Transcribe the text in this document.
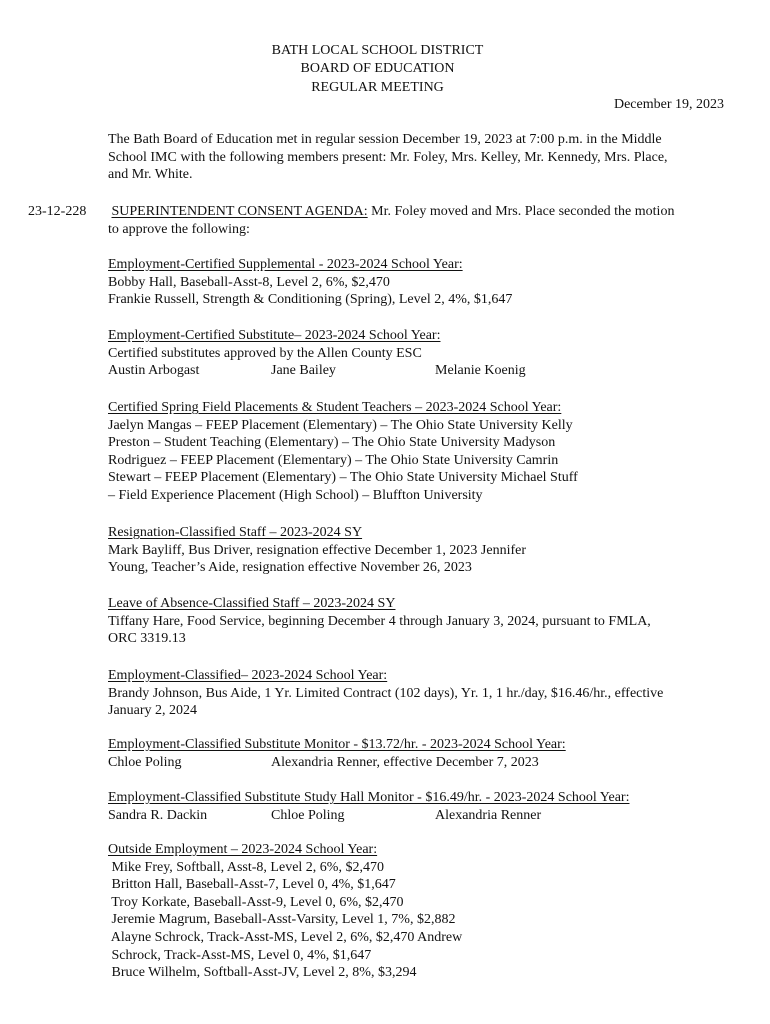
BATH LOCAL SCHOOL DISTRICT
BOARD OF EDUCATION
REGULAR MEETING
December 19, 2023
The Bath Board of Education met in regular session December 19, 2023 at 7:00 p.m. in the Middle
School IMC with the following members present: Mr. Foley, Mrs. Kelley, Mr. Kennedy, Mrs. Place,
and Mr. White.
23-12-228 SUPERINTENDENT CONSENT AGENDA: Mr. Foley moved and Mrs. Place seconded the motion
to approve the following:
Employment-Certified Supplemental - 2023-2024 School Year:
Bobby Hall, Baseball-Asst-8, Level 2, 6%, $2,470
Frankie Russell, Strength & Conditioning (Spring), Level 2, 4%, $1,647
Employment-Certified Substitute– 2023-2024 School Year:
Certified substitutes approved by the Allen County ESC
Austin Arbogast	Jane Bailey	Melanie Koenig
Certified Spring Field Placements & Student Teachers – 2023-2024 School Year:
Jaelyn Mangas – FEEP Placement (Elementary) – The Ohio State University Kelly
Preston – Student Teaching (Elementary) – The Ohio State University Madyson
Rodriguez – FEEP Placement (Elementary) – The Ohio State University Camrin
Stewart – FEEP Placement (Elementary) – The Ohio State University Michael Stuff
– Field Experience Placement (High School) – Bluffton University
Resignation-Classified Staff – 2023-2024 SY
Mark Bayliff, Bus Driver, resignation effective December 1, 2023 Jennifer
Young, Teacher’s Aide, resignation effective November 26, 2023
Leave of Absence-Classified Staff – 2023-2024 SY
Tiffany Hare, Food Service, beginning December 4 through January 3, 2024, pursuant to FMLA,
ORC 3319.13
Employment-Classified– 2023-2024 School Year:
Brandy Johnson, Bus Aide, 1 Yr. Limited Contract (102 days), Yr. 1, 1 hr./day, $16.46/hr., effective
January 2, 2024
Employment-Classified Substitute Monitor - $13.72/hr. - 2023-2024 School Year:
Chloe Poling	Alexandria Renner, effective December 7, 2023
Employment-Classified Substitute Study Hall Monitor - $16.49/hr. - 2023-2024 School Year:
Sandra R. Dackin	Chloe Poling	Alexandria Renner
Outside Employment – 2023-2024 School Year:
Mike Frey, Softball, Asst-8, Level 2, 6%, $2,470
Britton Hall, Baseball-Asst-7, Level 0, 4%, $1,647
Troy Korkate, Baseball-Asst-9, Level 0, 6%, $2,470
Jeremie Magrum, Baseball-Asst-Varsity, Level 1, 7%, $2,882
Alayne Schrock, Track-Asst-MS, Level 2, 6%, $2,470 Andrew
Schrock, Track-Asst-MS, Level 0, 4%, $1,647
Bruce Wilhelm, Softball-Asst-JV, Level 2, 8%, $3,294
